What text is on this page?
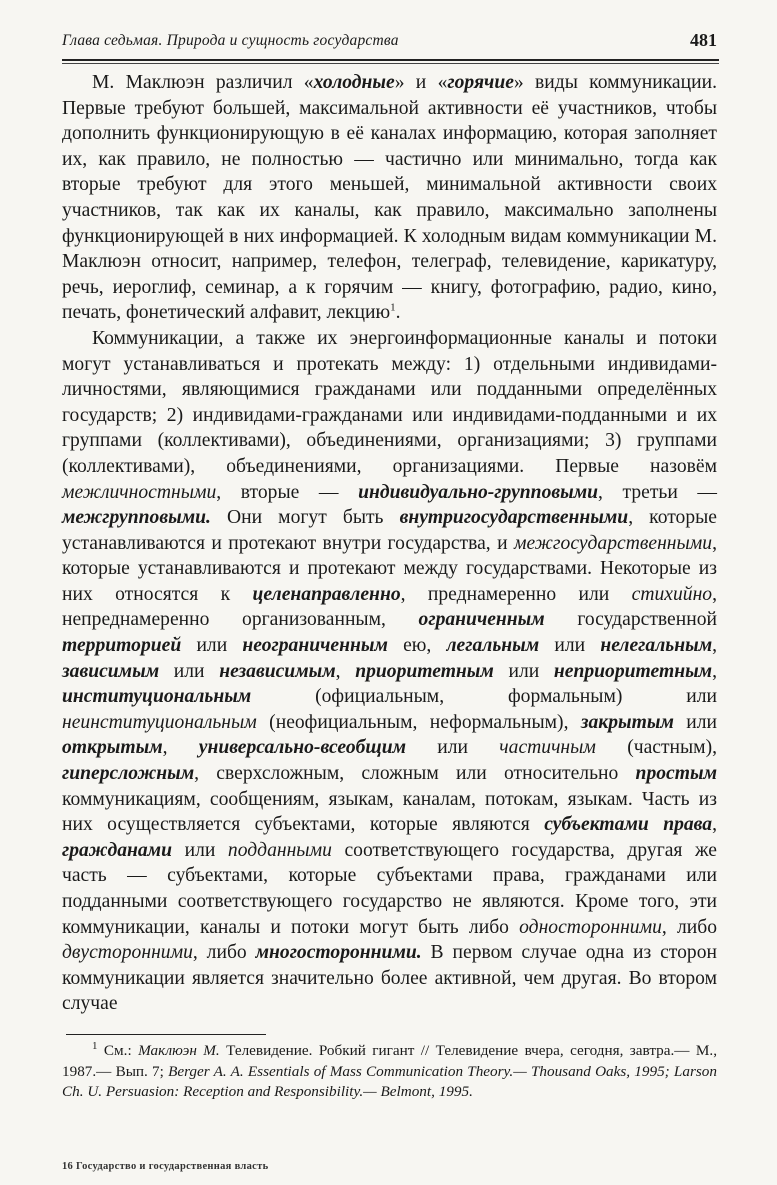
Глава седьмая. Природа и сущность государства	481

М. Маклюэн различил «холодные» и «горячие» виды коммуникации. Первые требуют большей, максимальной активности её участников, чтобы дополнить функционирующую в её каналах информацию, которая заполняет их, как правило, не полностью — частично или минимально, тогда как вторые требуют для этого меньшей, минимальной активности своих участников, так как их каналы, как правило, максимально заполнены функционирующей в них информацией. К холодным видам коммуникации М. Маклюэн относит, например, телефон, телеграф, телевидение, карикатуру, речь, иероглиф, семинар, а к горячим — книгу, фотографию, радио, кино, печать, фонетический алфавит, лекцию$^1$.

Коммуникации, а также их энергоинформационные каналы и потоки могут устанавливаться и протекать между: 1) отдельными индивидами-личностями, являющимися гражданами или подданными определённых государств; 2) индивидами-гражданами или индивидами-подданными и их группами (коллективами), объединениями, организациями; 3) группами (коллективами), объединениями, организациями. Первые назовём межличностными, вторые — индивидуально-групповыми, третьи — межгрупповыми. Они могут быть внутригосударственными, которые устанавливаются и протекают внутри государства, и межгосударственными, которые устанавливаются и протекают между государствами. Некоторые из них относятся к целенаправленно, преднамеренно или стихийно, непреднамеренно организованным, ограниченным государственной территорией или неограниченным ею, легальным или нелегальным, зависимым или независимым, приоритетным или неприоритетным, институциональным (официальным, формальным) или неинституциональным (неофициальным, неформальным), закрытым или открытым, универсально-всеобщим или частичным (частным), гиперсложным, сверхсложным, сложным или относительно простым коммуникациям, сообщениям, языкам, каналам, потокам, языкам. Часть из них осуществляется субъектами, которые являются субъектами права, гражданами или подданными соответствующего государства, другая же часть — субъектами, которые субъектами права, гражданами или подданными соответствующего государство не являются. Кроме того, эти коммуникации, каналы и потоки могут быть либо односторонними, либо двусторонними, либо многосторонними. В первом случае одна из сторон коммуникации является значительно более активной, чем другая. Во втором случае

$^1$ См.: Маклюэн М. Телевидение. Робкий гигант // Телевидение вчера, сегодня, завтра.— М., 1987.— Вып. 7; Berger A. A. Essentials of Mass Communication Theory.— Thousand Oaks, 1995; Larson Ch. U. Persuasion: Reception and Responsibility.— Belmont, 1995.
16 Государство и государственная власть
